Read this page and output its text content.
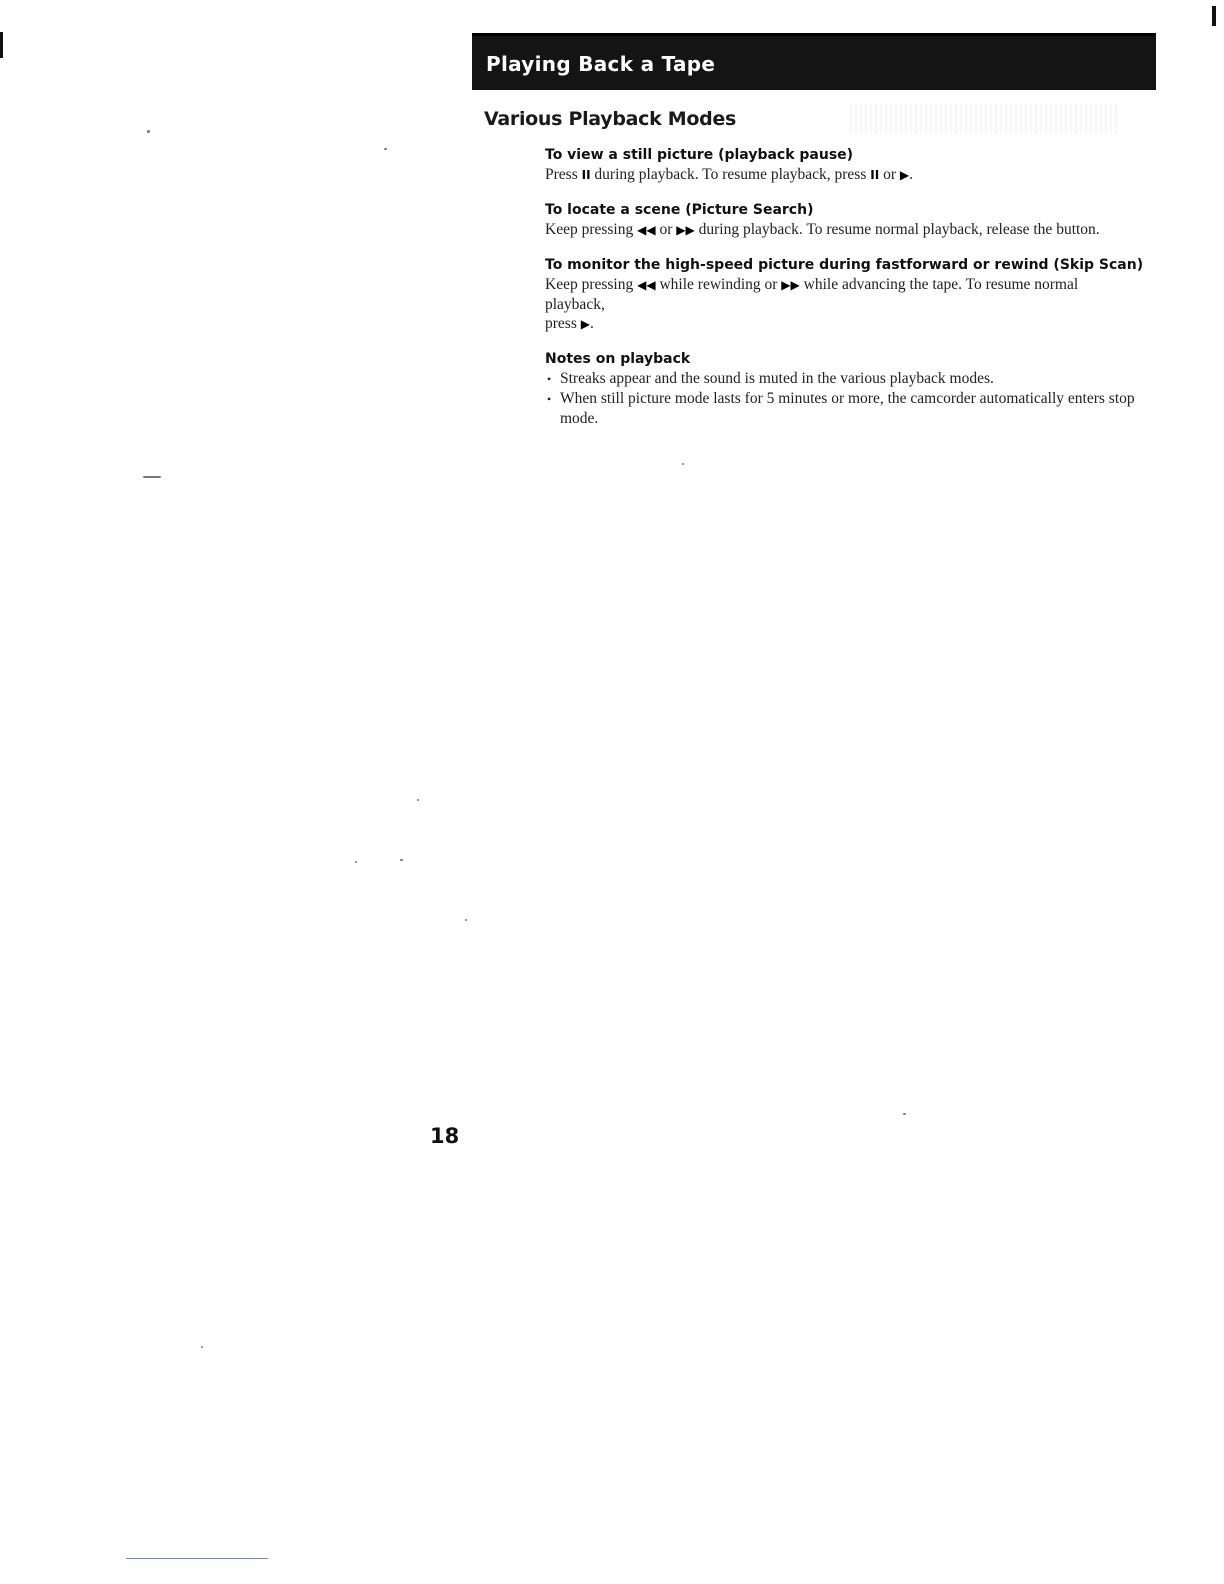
Playing Back a Tape
Various Playback Modes
To view a still picture (playback pause)
Press II during playback. To resume playback, press II or ▶.
To locate a scene (Picture Search)
Keep pressing ◀◀ or ▶▶ during playback. To resume normal playback, release the button.
To monitor the high-speed picture during fastforward or rewind (Skip Scan)
Keep pressing ◀◀ while rewinding or ▶▶ while advancing the tape. To resume normal playback,
press ▶.
Notes on playback
• Streaks appear and the sound is muted in the various playback modes.
• When still picture mode lasts for 5 minutes or more, the camcorder automatically enters stop mode.
18
